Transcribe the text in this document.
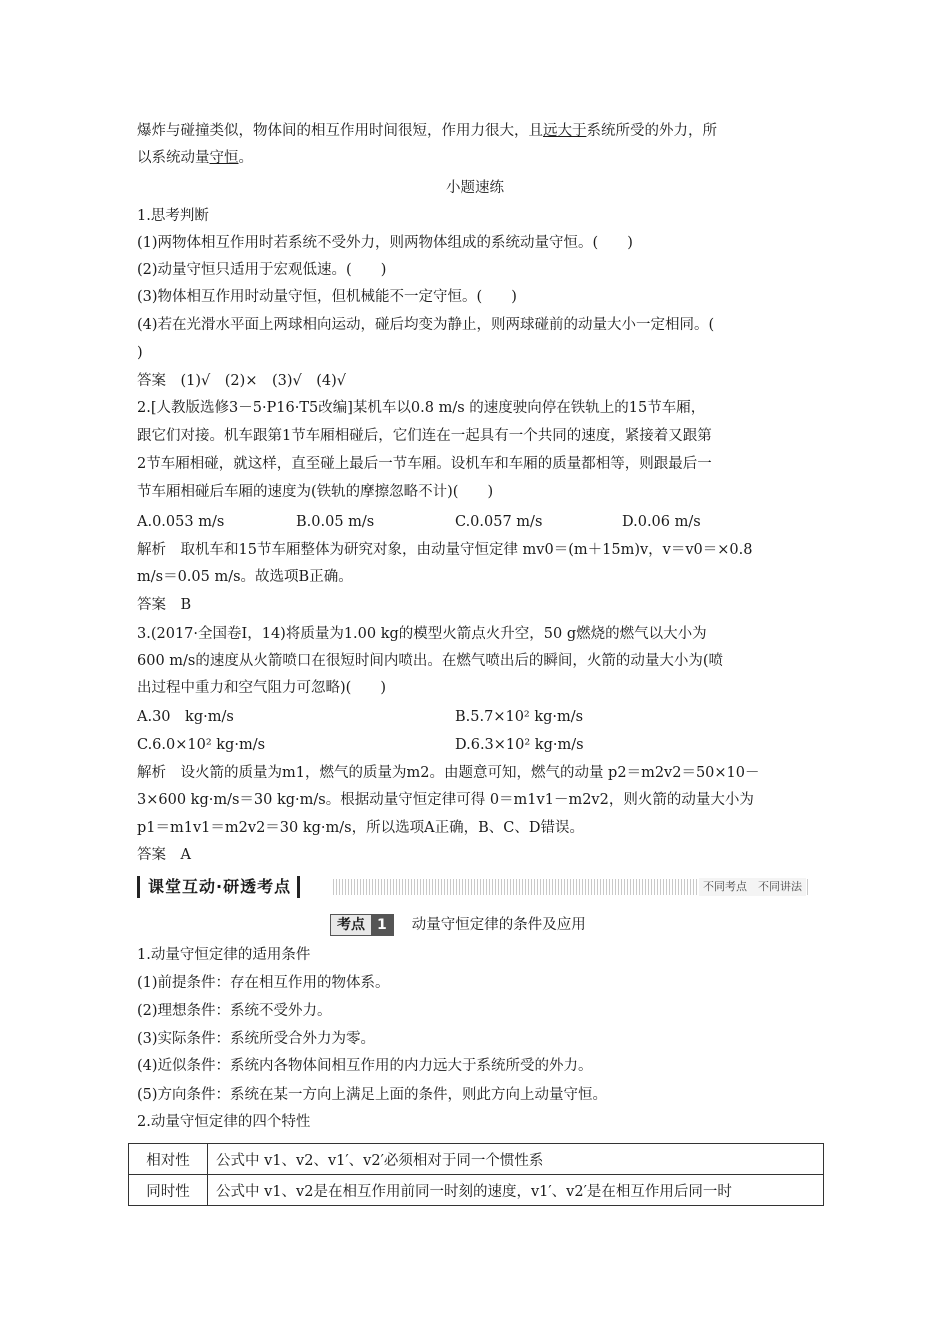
爆炸与碰撞类似，物体间的相互作用时间很短，作用力很大，且远大于系统所受的外力，所
以系统动量守恒。
小题速练
1.思考判断
(1)两物体相互作用时若系统不受外力，则两物体组成的系统动量守恒。(　　)
(2)动量守恒只适用于宏观低速。(　　)
(3)物体相互作用时动量守恒，但机械能不一定守恒。(　　)
(4)若在光滑水平面上两球相向运动，碰后均变为静止，则两球碰前的动量大小一定相同。(
)
答案　(1)√　(2)×　(3)√　(4)√
2.[人教版选修3－5·P16·T5改编]某机车以0.8 m/s 的速度驶向停在铁轨上的15节车厢，
跟它们对接。机车跟第1节车厢相碰后，它们连在一起具有一个共同的速度，紧接着又跟第
2节车厢相碰，就这样，直至碰上最后一节车厢。设机车和车厢的质量都相等，则跟最后一
节车厢相碰后车厢的速度为(铁轨的摩擦忽略不计)(　　)
A.0.053 m/s	B.0.05 m/s	C.0.057 m/s	D.0.06 m/s
解析　取机车和15节车厢整体为研究对象，由动量守恒定律 mv0＝(m＋15m)v，v＝v0＝×0.8
m/s＝0.05 m/s。故选项B正确。
答案　B
3.(2017·全国卷Ⅰ，14)将质量为1.00 kg的模型火箭点火升空，50 g燃烧的燃气以大小为
600 m/s的速度从火箭喷口在很短时间内喷出。在燃气喷出后的瞬间，火箭的动量大小为(喷
出过程中重力和空气阻力可忽略)(　　)
A.30　kg·m/s	B.5.7×10² kg·m/s
C.6.0×10² kg·m/s	D.6.3×10² kg·m/s
解析　设火箭的质量为m1，燃气的质量为m2。由题意可知，燃气的动量 p2＝m2v2＝50×10－
3×600 kg·m/s＝30 kg·m/s。根据动量守恒定律可得 0＝m1v1－m2v2，则火箭的动量大小为
p1＝m1v1＝m2v2＝30 kg·m/s，所以选项A正确，B、C、D错误。
答案　A
课堂互动·研透考点	不同考点　不同讲法
考点 1 动量守恒定律的条件及应用
1.动量守恒定律的适用条件
(1)前提条件：存在相互作用的物体系。
(2)理想条件：系统不受外力。
(3)实际条件：系统所受合外力为零。
(4)近似条件：系统内各物体间相互作用的内力远大于系统所受的外力。
(5)方向条件：系统在某一方向上满足上面的条件，则此方向上动量守恒。
2.动量守恒定律的四个特性
相对性	公式中 v1、v2、v1′、v2′必须相对于同一个惯性系
同时性	公式中 v1、v2是在相互作用前同一时刻的速度，v1′、v2′是在相互作用后同一时
